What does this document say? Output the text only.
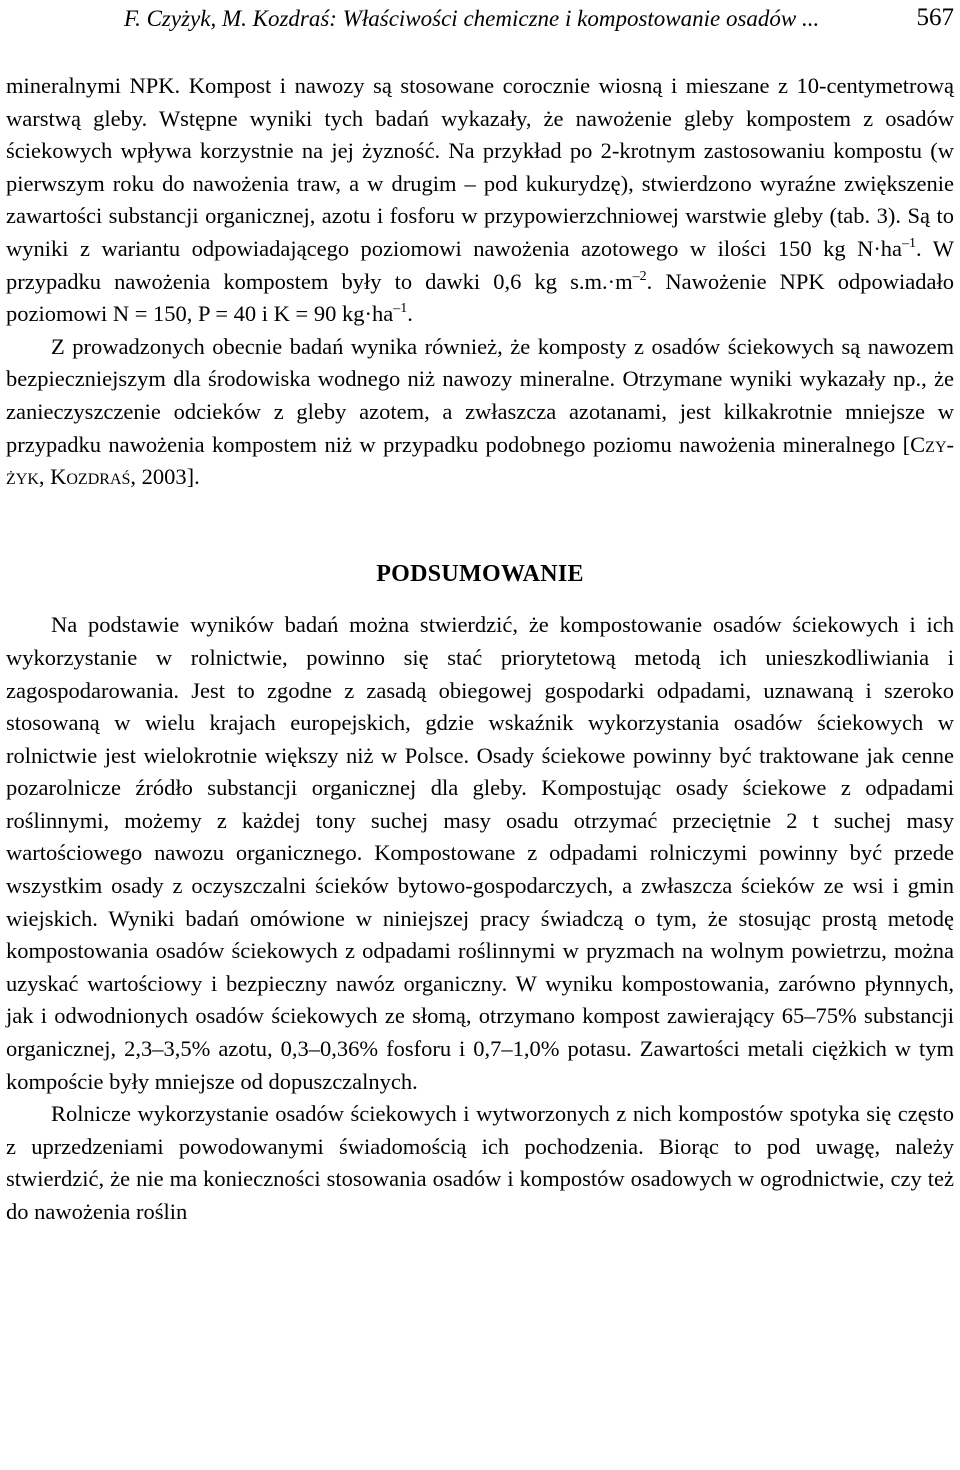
F. Czyżyk, M. Kozdraś: Właściwości chemiczne i kompostowanie osadów ...	567

mineralnymi NPK. Kompost i nawozy są stosowane corocznie wiosną i mieszane z 10-centymetrową warstwą gleby. Wstępne wyniki tych badań wykazały, że nawożenie gleby kompostem z osadów ściekowych wpływa korzystnie na jej żyzność. Na przykład po 2-krotnym zastosowaniu kompostu (w pierwszym roku do nawożenia traw, a w drugim – pod kukurydzę), stwierdzono wyraźne zwiększenie zawartości substancji organicznej, azotu i fosforu w przypowierzchniowej warstwie gleby (tab. 3). Są to wyniki z wariantu odpowiadającego poziomowi nawożenia azotowego w ilości 150 kg $N\cdot ha^{-1}$. W przypadku nawożenia kompostem były to dawki 0,6 kg $s.m.\cdot m^{-2}$. Nawożenie NPK odpowiadało poziomowi N = 150, P = 40 i K = 90 $kg\cdot ha^{-1}$.

Z prowadzonych obecnie badań wynika również, że komposty z osadów ściekowych są nawozem bezpieczniejszym dla środowiska wodnego niż nawozy mineralne. Otrzymane wyniki wykazały np., że zanieczyszczenie odcieków z gleby azotem, a zwłaszcza azotanami, jest kilkakrotnie mniejsze w przypadku nawożenia kompostem niż w przypadku podobnego poziomu nawożenia mineralnego [Czy-żyk, Kozdraś, 2003].

PODSUMOWANIE

Na podstawie wyników badań można stwierdzić, że kompostowanie osadów ściekowych i ich wykorzystanie w rolnictwie, powinno się stać priorytetową metodą ich unieszkodliwiania i zagospodarowania. Jest to zgodne z zasadą obiegowej gospodarki odpadami, uznawaną i szeroko stosowaną w wielu krajach europejskich, gdzie wskaźnik wykorzystania osadów ściekowych w rolnictwie jest wielokrotnie większy niż w Polsce. Osady ściekowe powinny być traktowane jak cenne pozarolnicze źródło substancji organicznej dla gleby. Kompostując osady ściekowe z odpadami roślinnymi, możemy z każdej tony suchej masy osadu otrzymać przeciętnie 2 t suchej masy wartościowego nawozu organicznego. Kompostowane z odpadami rolniczymi powinny być przede wszystkim osady z oczyszczalni ścieków bytowo-gospodarczych, a zwłaszcza ścieków ze wsi i gmin wiejskich. Wyniki badań omówione w niniejszej pracy świadczą o tym, że stosując prostą metodę kompostowania osadów ściekowych z odpadami roślinnymi w pryzmach na wolnym powietrzu, można uzyskać wartościowy i bezpieczny nawóz organiczny. W wyniku kompostowania, zarówno płynnych, jak i odwodnionych osadów ściekowych ze słomą, otrzymano kompost zawierający 65–75% substancji organicznej, 2,3–3,5% azotu, 0,3–0,36% fosforu i 0,7–1,0% potasu. Zawartości metali ciężkich w tym kompoście były mniejsze od dopuszczalnych.

Rolnicze wykorzystanie osadów ściekowych i wytworzonych z nich kompostów spotyka się często z uprzedzeniami powodowanymi świadomością ich pochodzenia. Biorąc to pod uwagę, należy stwierdzić, że nie ma konieczności stosowania osadów i kompostów osadowych w ogrodnictwie, czy też do nawożenia roślin
